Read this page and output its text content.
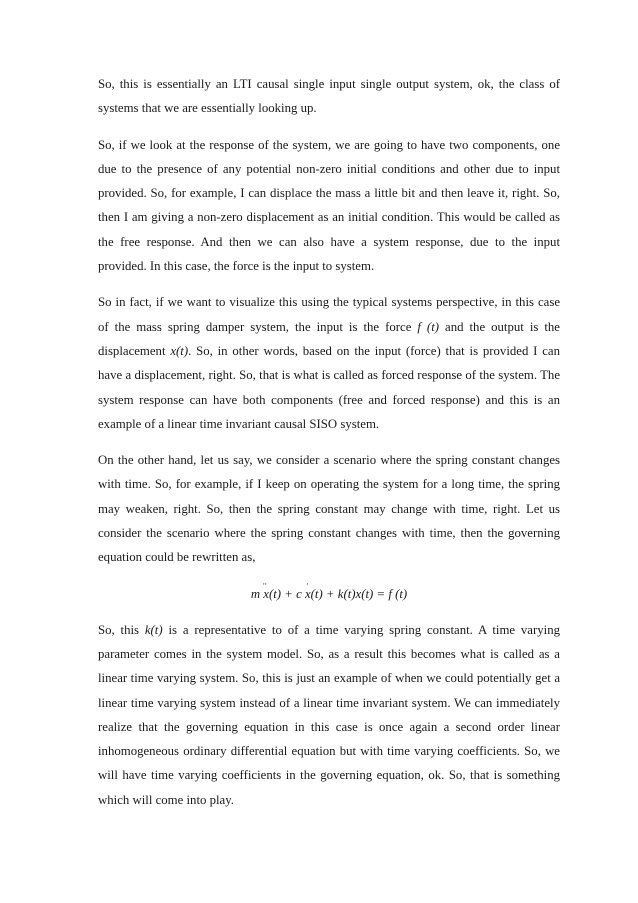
So, this is essentially an LTI causal single input single output system, ok, the class of systems that we are essentially looking up.

So, if we look at the response of the system, we are going to have two components, one due to the presence of any potential non-zero initial conditions and other due to input provided. So, for example, I can displace the mass a little bit and then leave it, right. So, then I am giving a non-zero displacement as an initial condition. This would be called as the free response. And then we can also have a system response, due to the input provided. In this case, the force is the input to system.

So in fact, if we want to visualize this using the typical systems perspective, in this case of the mass spring damper system, the input is the force f (t) and the output is the displacement x(t). So, in other words, based on the input (force) that is provided I can have a displacement, right. So, that is what is called as forced response of the system. The system response can have both components (free and forced response) and this is an example of a linear time invariant causal SISO system.

On the other hand, let us say, we consider a scenario where the spring constant changes with time. So, for example, if I keep on operating the system for a long time, the spring may weaken, right. So, then the spring constant may change with time, right. Let us consider the scenario where the spring constant changes with time, then the governing equation could be rewritten as,

m ·· x(t) + c · x(t) + k(t)x(t) = f (t)

So, this k(t) is a representative to of a time varying spring constant. A time varying parameter comes in the system model. So, as a result this becomes what is called as a linear time varying system. So, this is just an example of when we could potentially get a linear time varying system instead of a linear time invariant system. We can immediately realize that the governing equation in this case is once again a second order linear inhomogeneous ordinary differential equation but with time varying coefficients. So, we will have time varying coefficients in the governing equation, ok. So, that is something which will come into play.
